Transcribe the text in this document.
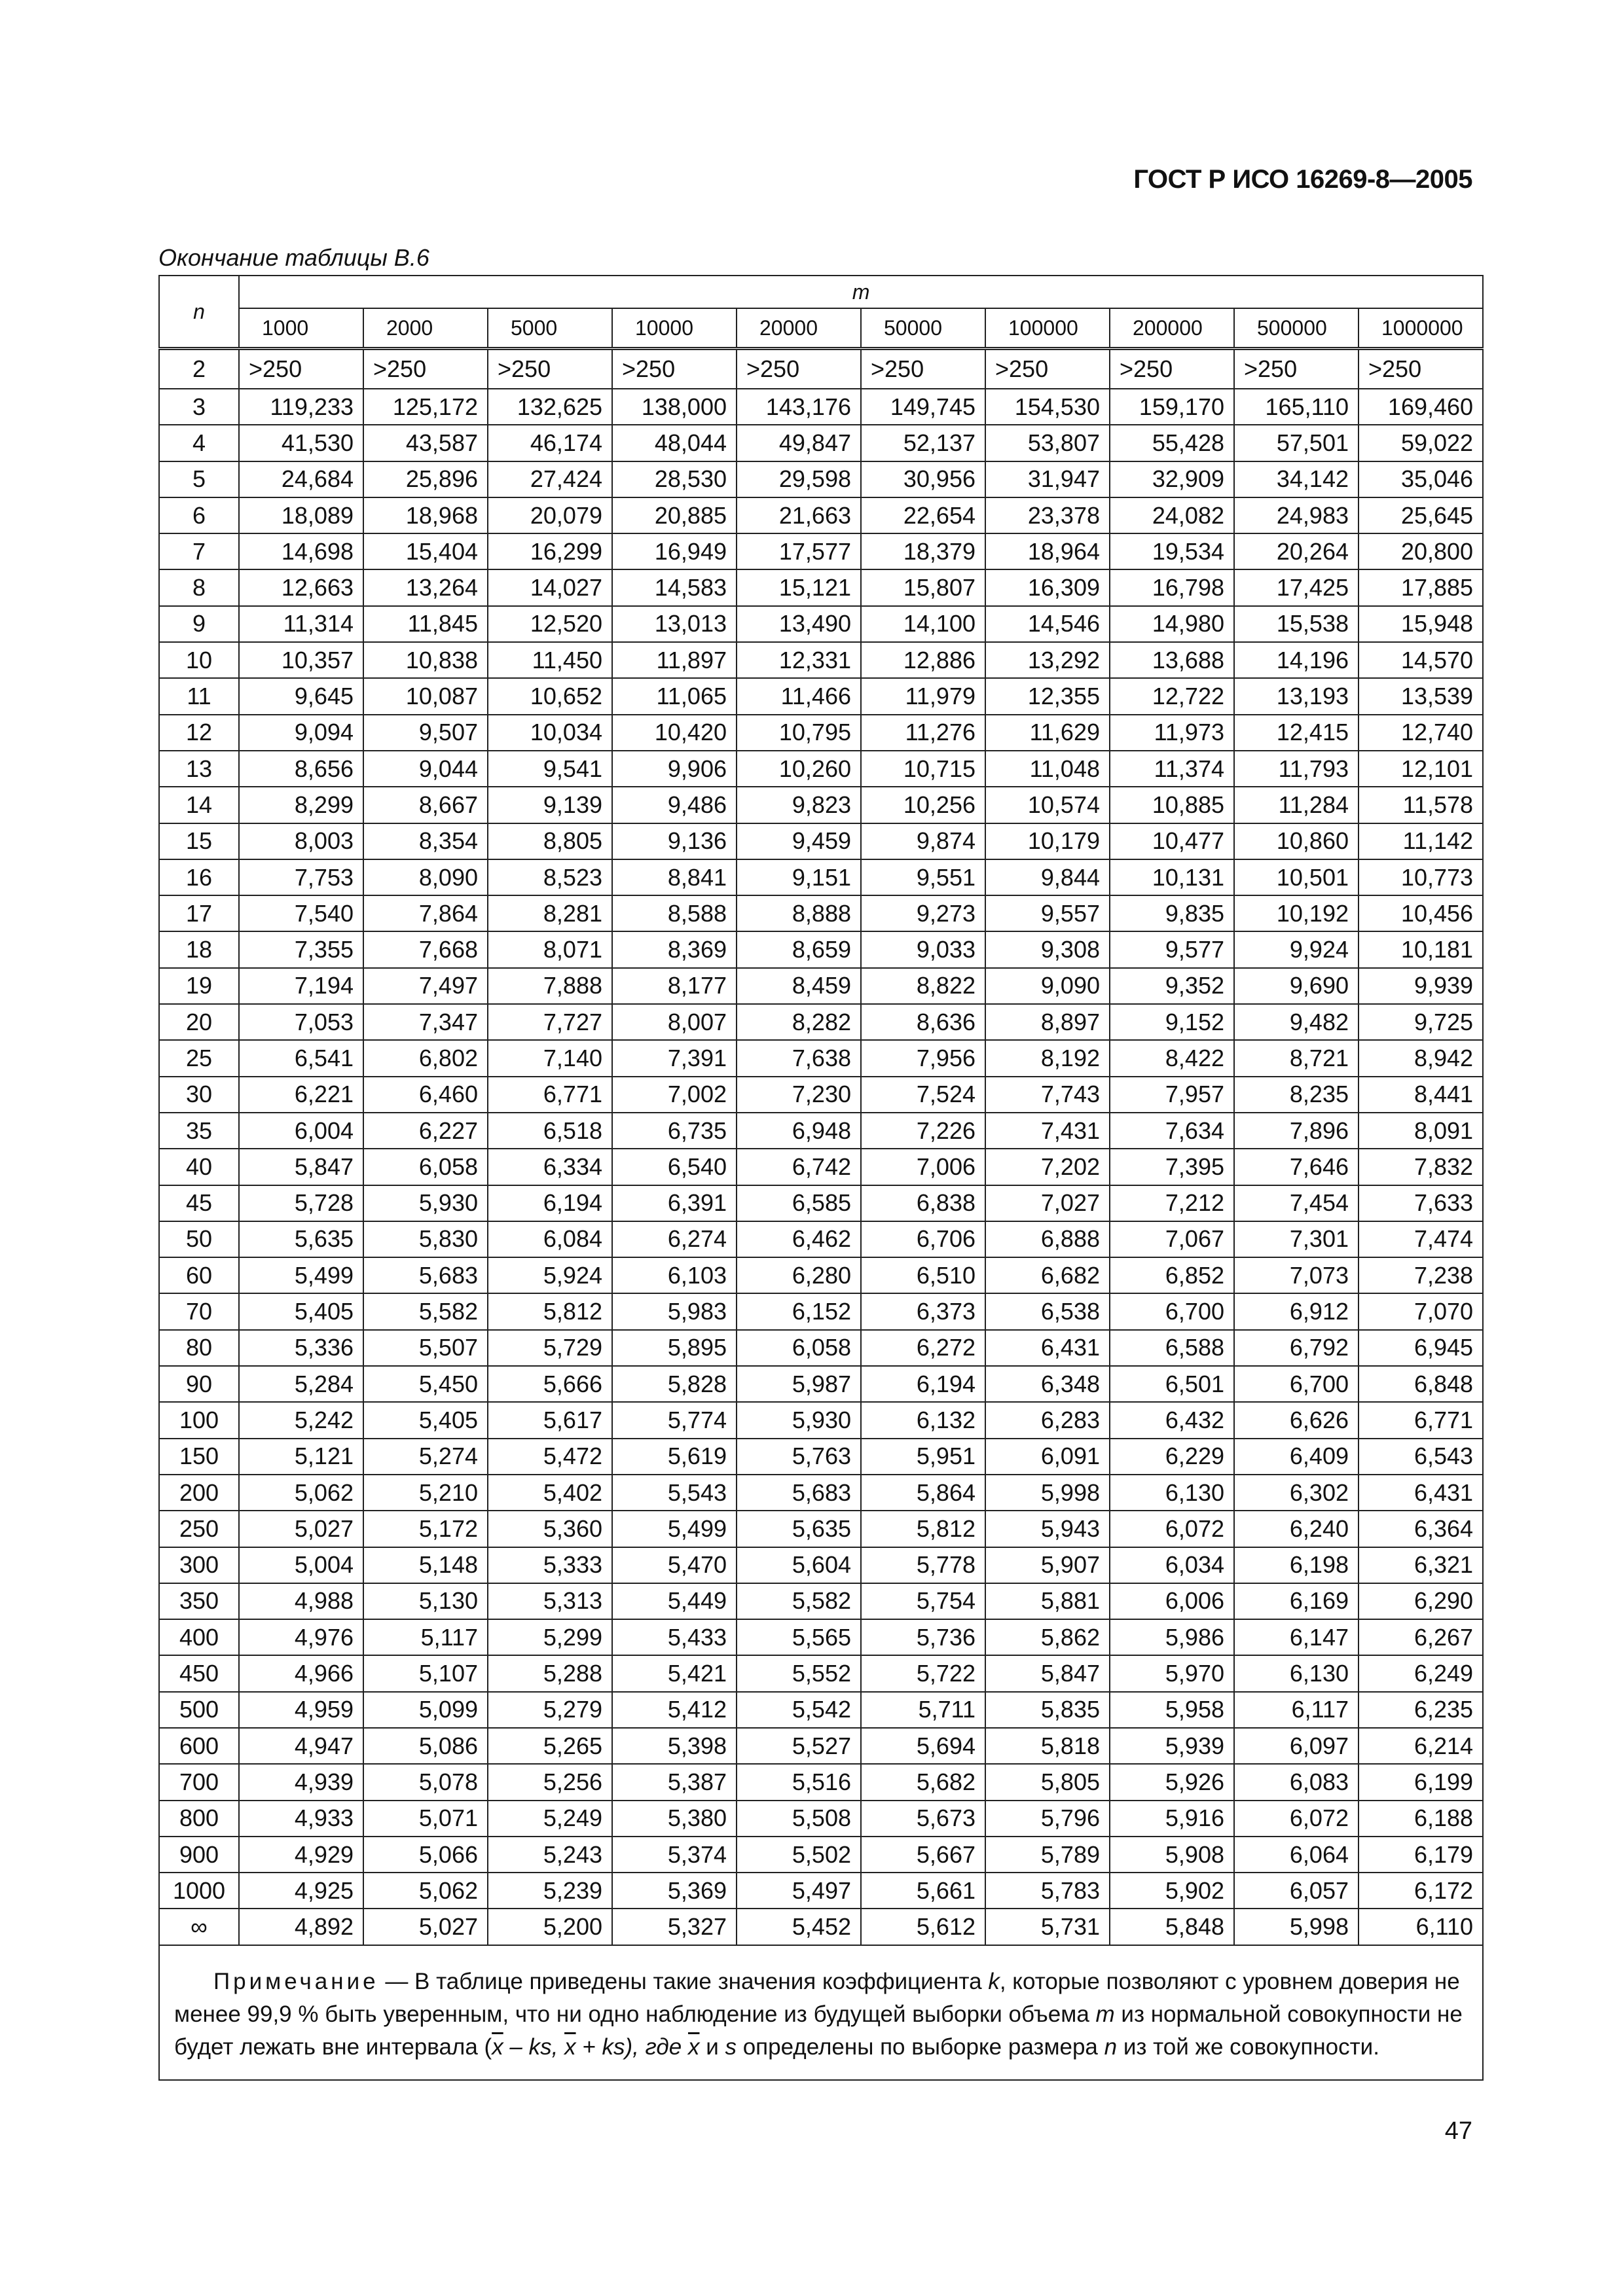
ГОСТ Р ИСО 16269-8—2005
Окончание таблицы В.6
n	m									
	1000	2000	5000	10000	20000	50000	100000	200000	500000	1000000
2	>250	>250	>250	>250	>250	>250	>250	>250	>250	>250
3	119,233	125,172	132,625	138,000	143,176	149,745	154,530	159,170	165,110	169,460
4	41,530	43,587	46,174	48,044	49,847	52,137	53,807	55,428	57,501	59,022
5	24,684	25,896	27,424	28,530	29,598	30,956	31,947	32,909	34,142	35,046
6	18,089	18,968	20,079	20,885	21,663	22,654	23,378	24,082	24,983	25,645
7	14,698	15,404	16,299	16,949	17,577	18,379	18,964	19,534	20,264	20,800
8	12,663	13,264	14,027	14,583	15,121	15,807	16,309	16,798	17,425	17,885
9	11,314	11,845	12,520	13,013	13,490	14,100	14,546	14,980	15,538	15,948
10	10,357	10,838	11,450	11,897	12,331	12,886	13,292	13,688	14,196	14,570
11	9,645	10,087	10,652	11,065	11,466	11,979	12,355	12,722	13,193	13,539
12	9,094	9,507	10,034	10,420	10,795	11,276	11,629	11,973	12,415	12,740
13	8,656	9,044	9,541	9,906	10,260	10,715	11,048	11,374	11,793	12,101
14	8,299	8,667	9,139	9,486	9,823	10,256	10,574	10,885	11,284	11,578
15	8,003	8,354	8,805	9,136	9,459	9,874	10,179	10,477	10,860	11,142
16	7,753	8,090	8,523	8,841	9,151	9,551	9,844	10,131	10,501	10,773
17	7,540	7,864	8,281	8,588	8,888	9,273	9,557	9,835	10,192	10,456
18	7,355	7,668	8,071	8,369	8,659	9,033	9,308	9,577	9,924	10,181
19	7,194	7,497	7,888	8,177	8,459	8,822	9,090	9,352	9,690	9,939
20	7,053	7,347	7,727	8,007	8,282	8,636	8,897	9,152	9,482	9,725
25	6,541	6,802	7,140	7,391	7,638	7,956	8,192	8,422	8,721	8,942
30	6,221	6,460	6,771	7,002	7,230	7,524	7,743	7,957	8,235	8,441
35	6,004	6,227	6,518	6,735	6,948	7,226	7,431	7,634	7,896	8,091
40	5,847	6,058	6,334	6,540	6,742	7,006	7,202	7,395	7,646	7,832
45	5,728	5,930	6,194	6,391	6,585	6,838	7,027	7,212	7,454	7,633
50	5,635	5,830	6,084	6,274	6,462	6,706	6,888	7,067	7,301	7,474
60	5,499	5,683	5,924	6,103	6,280	6,510	6,682	6,852	7,073	7,238
70	5,405	5,582	5,812	5,983	6,152	6,373	6,538	6,700	6,912	7,070
80	5,336	5,507	5,729	5,895	6,058	6,272	6,431	6,588	6,792	6,945
90	5,284	5,450	5,666	5,828	5,987	6,194	6,348	6,501	6,700	6,848
100	5,242	5,405	5,617	5,774	5,930	6,132	6,283	6,432	6,626	6,771
150	5,121	5,274	5,472	5,619	5,763	5,951	6,091	6,229	6,409	6,543
200	5,062	5,210	5,402	5,543	5,683	5,864	5,998	6,130	6,302	6,431
250	5,027	5,172	5,360	5,499	5,635	5,812	5,943	6,072	6,240	6,364
300	5,004	5,148	5,333	5,470	5,604	5,778	5,907	6,034	6,198	6,321
350	4,988	5,130	5,313	5,449	5,582	5,754	5,881	6,006	6,169	6,290
400	4,976	5,117	5,299	5,433	5,565	5,736	5,862	5,986	6,147	6,267
450	4,966	5,107	5,288	5,421	5,552	5,722	5,847	5,970	6,130	6,249
500	4,959	5,099	5,279	5,412	5,542	5,711	5,835	5,958	6,117	6,235
600	4,947	5,086	5,265	5,398	5,527	5,694	5,818	5,939	6,097	6,214
700	4,939	5,078	5,256	5,387	5,516	5,682	5,805	5,926	6,083	6,199
800	4,933	5,071	5,249	5,380	5,508	5,673	5,796	5,916	6,072	6,188
900	4,929	5,066	5,243	5,374	5,502	5,667	5,789	5,908	6,064	6,179
1000	4,925	5,062	5,239	5,369	5,497	5,661	5,783	5,902	6,057	6,172
∞	4,892	5,027	5,200	5,327	5,452	5,612	5,731	5,848	5,998	6,110
Примечание — В таблице приведены такие значения коэффициента k, которые позволяют с уровнем доверия не менее 99,9 % быть уверенным, что ни одно наблюдение из будущей выборки объема m из нормальной совокупности не будет лежать вне интервала ($\overline{x}$ – ks, $\overline{x} + ks$), где $\overline{x}$ и s определены по выборке размера n из той же совокупности.										
47
